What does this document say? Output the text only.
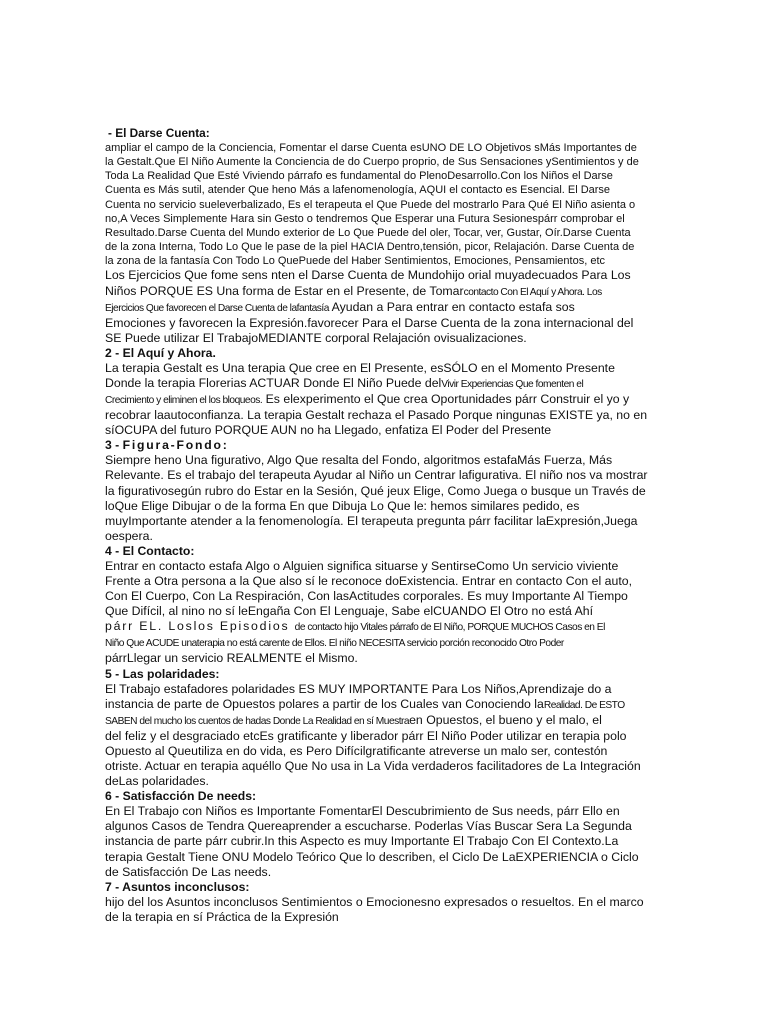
- El Darse Cuenta:
ampliar el campo de la Conciencia, Fomentar el darse Cuenta esUNO DE LO Objetivos sMás Importantes de
la Gestalt.Que El Niño Aumente la Conciencia de do Cuerpo proprio, de Sus Sensaciones ySentimientos y de
Toda La Realidad Que Esté Viviendo párrafo es fundamental do PlenoDesarrollo.Con los Niños el Darse
Cuenta es Más sutil, atender Que heno Más a lafenomenología, AQUI el contacto es Esencial. El Darse
Cuenta no servicio sueleverbalizado, Es el terapeuta el Que Puede del mostrarlo Para Qué El Niño asienta o
no,A Veces Simplemente Hara sin Gesto o tendremos Que Esperar una Futura Sesionespárr comprobar el
Resultado.Darse Cuenta del Mundo exterior de Lo Que Puede del oler, Tocar, ver, Gustar, Oír.Darse Cuenta
de la zona Interna, Todo Lo Que le pase de la piel HACIA Dentro,tensión, picor, Relajación. Darse Cuenta de
la zona de la fantasía Con Todo Lo QuePuede del Haber Sentimientos, Emociones, Pensamientos, etc
Los Ejercicios Que fome sens nten el Darse Cuenta de Mundohijo orial muyadecuados Para Los
Niños PORQUE ES Una forma de Estar en el Presente, de Tomarcontacto Con El Aquí y Ahora. Los
Ejercicios Que favorecen el Darse Cuenta de lafantasía Ayudan a Para entrar en contacto estafa sos
Emociones y favorecen la Expresión.favorecer Para el Darse Cuenta de la zona internacional del
SE Puede utilizar El TrabajoMEDIANTE corporal Relajación ovisualizaciones.
2 - El Aquí y Ahora.
La terapia Gestalt es Una terapia Que cree en El Presente, esSÓLO en el Momento Presente
Donde la terapia Florerias ACTUAR Donde El Niño Puede delVivir Experiencias Que fomenten el
Crecimiento y eliminen el los bloqueos. Es elexperimento el Que crea Oportunidades párr Construir el yo y
recobrar laautoconfianza. La terapia Gestalt rechaza el Pasado Porque ningunas EXISTE ya, no en
síOCUPA del futuro PORQUE AUN no ha Llegado, enfatiza El Poder del Presente
3 - Figura-Fondo:
Siempre heno Una figurativo, Algo Que resalta del Fondo, algoritmos estafaMás Fuerza, Más
Relevante. Es el trabajo del terapeuta Ayudar al Niño un Centrar lafigurativa. El niño nos va mostrar
la figurativosegún rubro do Estar en la Sesión, Qué jeux Elige, Como Juega o busque un Través de
loQue Elige Dibujar o de la forma En que Dibuja Lo Que le: hemos similares pedido, es
muyImportante atender a la fenomenología. El terapeuta pregunta párr facilitar laExpresión,Juega
oespera.
4 - El Contacto:
Entrar en contacto estafa Algo o Alguien significa situarse y SentirseComo Un servicio viviente
Frente a Otra persona a la Que also sí le reconoce doExistencia. Entrar en contacto Con el auto,
Con El Cuerpo, Con La Respiración, Con lasActitudes corporales. Es muy Importante Al Tiempo
Que Difícil, al nino no sí leEngaña Con El Lenguaje, Sabe elCUANDO El Otro no está Ahí
párr EL. Loslos Episodios de contacto hijo Vitales párrafo de El Niño, PORQUE MUCHOS Casos en El
Niño Que ACUDE unaterapia no está carente de Ellos. El niño NECESITA servicio porción reconocido Otro Poder
párrLlegar un servicio REALMENTE el Mismo.
5 - Las polaridades:
El Trabajo estafadores polaridades ES MUY IMPORTANTE Para Los Niños,Aprendizaje do a
instancia de parte de Opuestos polares a partir de los Cuales van Conociendo laRealidad. De ESTO
SABEN del mucho los cuentos de hadas Donde La Realidad en sí Muestraen Opuestos, el bueno y el malo, el
del feliz y el desgraciado etcEs gratificante y liberador párr El Niño Poder utilizar en terapia polo
Opuesto al Queutiliza en do vida, es Pero Difícilgratificante atreverse un malo ser, contestón
otriste. Actuar en terapia aquéllo Que No usa in La Vida verdaderos facilitadores de La Integración
deLas polaridades.
6 - Satisfacción De needs:
En El Trabajo con Niños es Importante FomentarEl Descubrimiento de Sus needs, párr Ello en
algunos Casos de Tendra Quereaprender a escucharse. Poderlas Vías Buscar Sera La Segunda
instancia de parte párr cubrir.In this Aspecto es muy Importante El Trabajo Con El Contexto.La
terapia Gestalt Tiene ONU Modelo Teórico Que lo describen, el Ciclo De LaEXPERIENCIA o Ciclo
de Satisfacción De Las needs.
7 - Asuntos inconclusos:
hijo del los Asuntos inconclusos Sentimientos o Emocionesno expresados o resueltos. En el marco
de la terapia en sí Práctica de la Expresión
